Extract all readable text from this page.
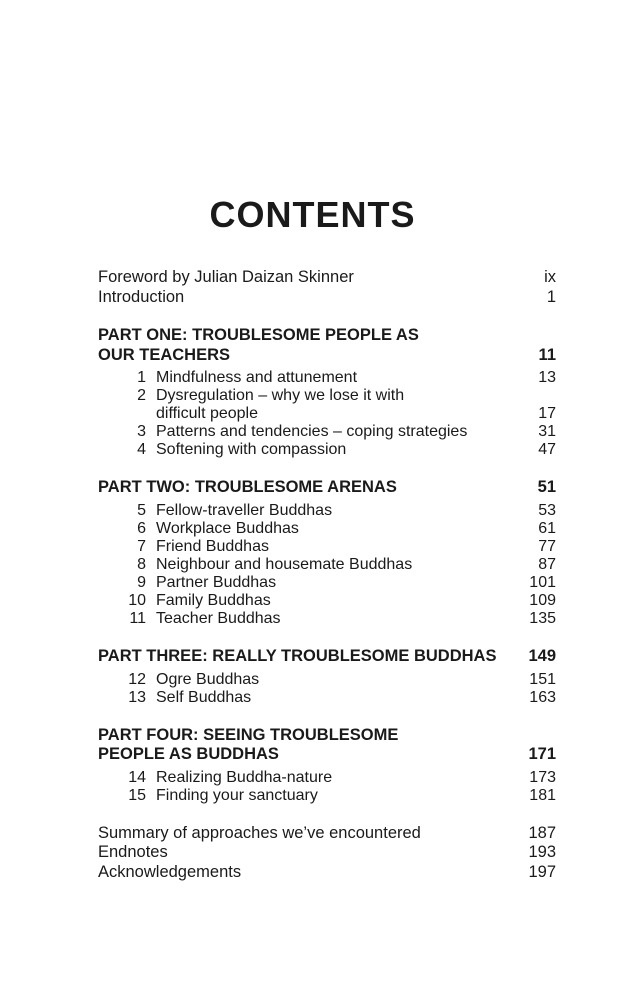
CONTENTS
Foreword by Julian Daizan Skinner	ix
Introduction	1
PART ONE: TROUBLESOME PEOPLE AS
OUR TEACHERS	11
1 Mindfulness and attunement	13
2 Dysregulation – why we lose it with
difficult people	17
3 Patterns and tendencies – coping strategies	31
4 Softening with compassion	47
PART TWO: TROUBLESOME ARENAS	51
5 Fellow-traveller Buddhas	53
6 Workplace Buddhas	61
7 Friend Buddhas	77
8 Neighbour and housemate Buddhas	87
9 Partner Buddhas	101
10 Family Buddhas	109
11 Teacher Buddhas	135
PART THREE: REALLY TROUBLESOME BUDDHAS 149
12 Ogre Buddhas	151
13 Self Buddhas	163
PART FOUR: SEEING TROUBLESOME
PEOPLE AS BUDDHAS	171
14 Realizing Buddha-nature	173
15 Finding your sanctuary	181
Summary of approaches we’ve encountered	187
Endnotes	193
Acknowledgements	197
